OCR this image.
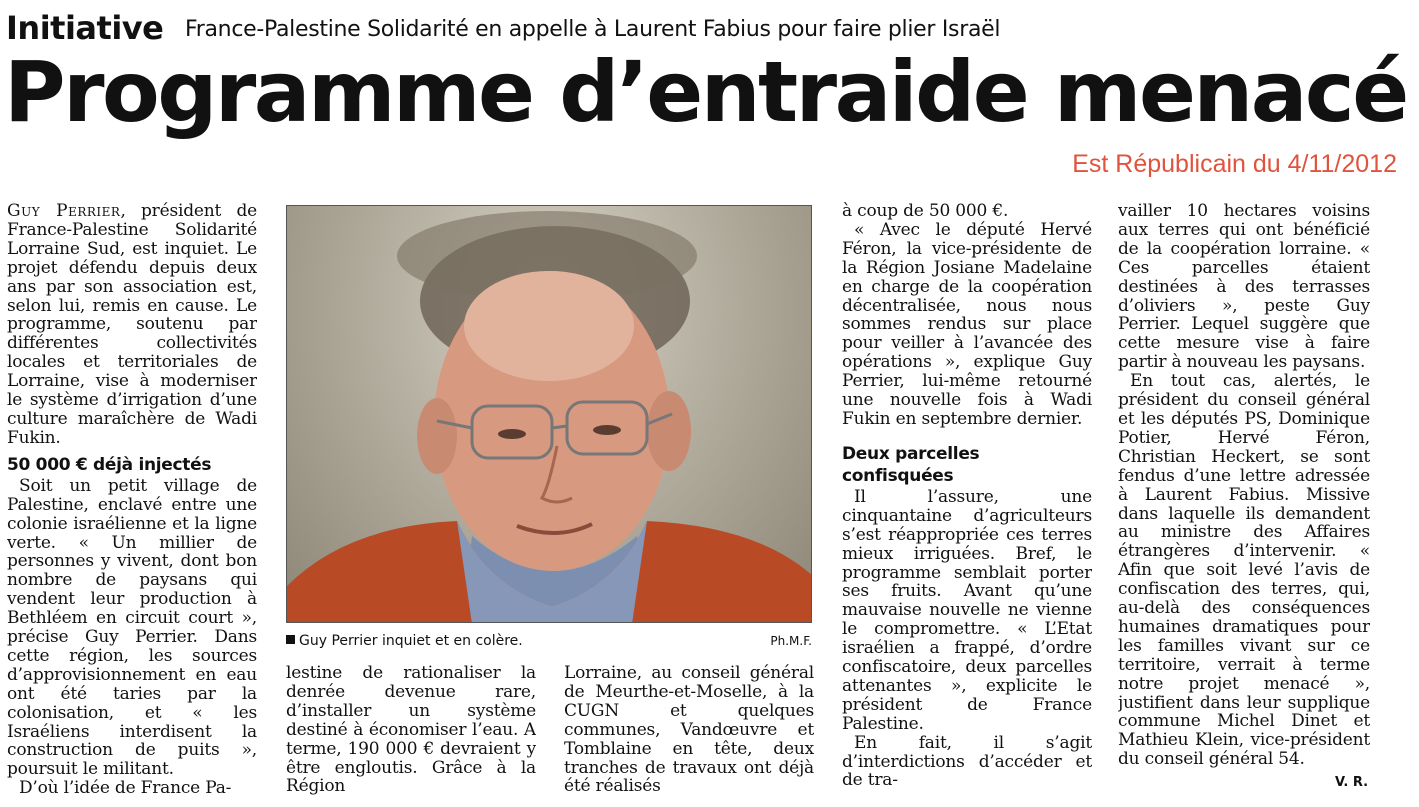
Initiative France-Palestine Solidarité en appelle à Laurent Fabius pour faire plier Israël
Programme d’entraide menacé
Est Républicain du 4/11/2012

Guy Perrier, président de France-Palestine Solidarité Lorraine Sud, est inquiet. Le projet défendu depuis deux ans par son association est, selon lui, remis en cause. Le programme, soutenu par différentes collectivités locales et territoriales de Lorraine, vise à moderniser le système d’irrigation d’une culture maraîchère de Wadi Fukin.

50 000 € déjà injectés

Soit un petit village de Palestine, enclavé entre une colonie israélienne et la ligne verte. « Un millier de personnes y vivent, dont bon nombre de paysans qui vendent leur production à Bethléem en circuit court », précise Guy Perrier. Dans cette région, les sources d’approvisionnement en eau ont été taries par la colonisation, et « les Israéliens interdisent la construction de puits », poursuit le militant.

D’où l’idée de France Pa-

Guy Perrier inquiet et en colère.	Ph.M.F.

lestine de rationaliser la denrée devenue rare, d’installer un système destiné à économiser l’eau. A terme, 190 000 € devraient y être engloutis. Grâce à la Région

Lorraine, au conseil général de Meurthe-et-Moselle, à la CUGN et quelques communes, Vandœuvre et Tomblaine en tête, deux tranches de travaux ont déjà été réalisés

à coup de 50 000 €.

« Avec le député Hervé Féron, la vice-présidente de la Région Josiane Madelaine en charge de la coopération décentralisée, nous nous sommes rendus sur place pour veiller à l’avancée des opérations », explique Guy Perrier, lui-même retourné une nouvelle fois à Wadi Fukin en septembre dernier.

Deux parcelles confisquées

Il l’assure, une cinquantaine d’agriculteurs s’est réappropriée ces terres mieux irriguées. Bref, le programme semblait porter ses fruits. Avant qu’une mauvaise nouvelle ne vienne le compromettre. « L’Etat israélien a frappé, d’ordre confiscatoire, deux parcelles attenantes », explicite le président de France Palestine.

En fait, il s’agit d’interdictions d’accéder et de tra-

vailler 10 hectares voisins aux terres qui ont bénéficié de la coopération lorraine. « Ces parcelles étaient destinées à des terrasses d’oliviers », peste Guy Perrier. Lequel suggère que cette mesure vise à faire partir à nouveau les paysans.

En tout cas, alertés, le président du conseil général et les députés PS, Dominique Potier, Hervé Féron, Christian Heckert, se sont fendus d’une lettre adressée à Laurent Fabius. Missive dans laquelle ils demandent au ministre des Affaires étrangères d’intervenir. « Afin que soit levé l’avis de confiscation des terres, qui, au-delà des conséquences humaines dramatiques pour les familles vivant sur ce territoire, verrait à terme notre projet menacé », justifient dans leur supplique commune Michel Dinet et Mathieu Klein, vice-président du conseil général 54.

V. R.
